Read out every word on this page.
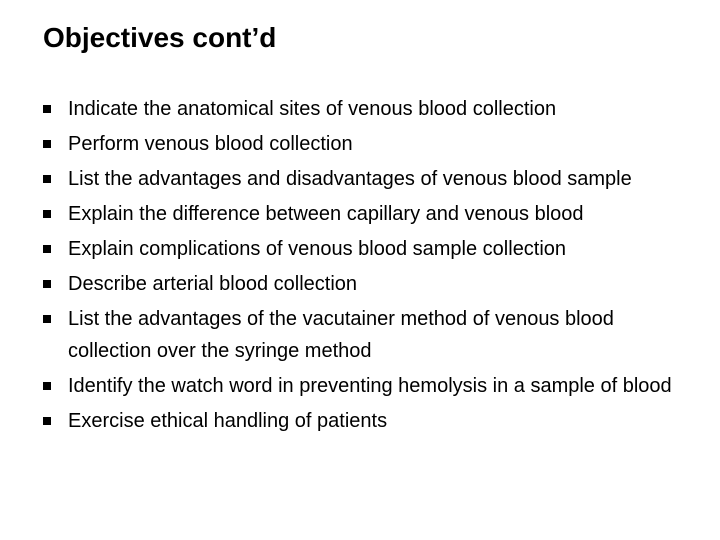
Objectives cont’d
Indicate the anatomical sites of venous blood collection
Perform venous blood collection
List the advantages and disadvantages of venous blood sample
Explain the difference between capillary and venous blood
Explain complications of venous blood sample collection
Describe arterial blood collection
List the advantages of the vacutainer method of venous blood collection over the syringe method
Identify the watch word in preventing hemolysis in a sample of blood
Exercise ethical handling of patients
